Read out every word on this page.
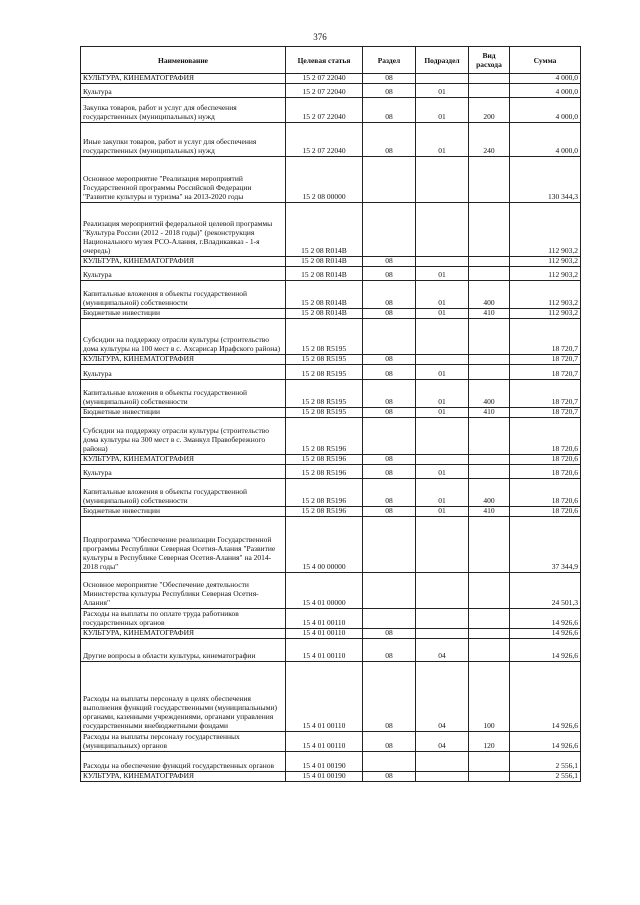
376
Наименование	Целевая статья	Раздел	Подраздел	Вид расхода	Сумма
КУЛЬТУРА, КИНЕМАТОГРАФИЯ	15 2 07 22040	08			4 000,0
Культура	15 2 07 22040	08	01		4 000,0
Закупка товаров, работ и услуг для обеспечения государственных (муниципальных) нужд	15 2 07 22040	08	01	200	4 000,0
Иные закупки товаров, работ и услуг для обеспечения государственных (муниципальных) нужд	15 2 07 22040	08	01	240	4 000,0
Основное мероприятие "Реализация мероприятий Государственной программы Российской Федерации "Развитие культуры и туризма" на 2013-2020 годы	15 2 08 00000				130 344,3
Реализация мероприятий федеральной целевой программы "Культура России (2012 - 2018 годы)" (реконструкция Национального музея РСО-Алания, г.Владикавказ - 1-я очередь)	15 2 08 R014B				112 903,2
КУЛЬТУРА, КИНЕМАТОГРАФИЯ	15 2 08 R014B	08			112 903,2
Культура	15 2 08 R014B	08	01		112 903,2
Капитальные вложения в объекты государственной (муниципальной) собственности	15 2 08 R014B	08	01	400	112 903,2
Бюджетные инвестиции	15 2 08 R014B	08	01	410	112 903,2
Субсидии на поддержку отрасли культуры (строительство дома культуры на 100 мест в с. Ахсарисар Ирафского района)	15 2 08 R5195				18 720,7
КУЛЬТУРА, КИНЕМАТОГРАФИЯ	15 2 08 R5195	08			18 720,7
Культура	15 2 08 R5195	08	01		18 720,7
Капитальные вложения в объекты государственной (муниципальной) собственности	15 2 08 R5195	08	01	400	18 720,7
Бюджетные инвестиции	15 2 08 R5195	08	01	410	18 720,7
Субсидии на поддержку отрасли культуры (строительство дома культуры на 300 мест в с. Зманкул Правобережного района)	15 2 08 R5196				18 720,6
КУЛЬТУРА, КИНЕМАТОГРАФИЯ	15 2 08 R5196	08			18 720,6
Культура	15 2 08 R5196	08	01		18 720,6
Капитальные вложения в объекты государственной (муниципальной) собственности	15 2 08 R5196	08	01	400	18 720,6
Бюджетные инвестиции	15 2 08 R5196	08	01	410	18 720,6
Подпрограмма "Обеспечение реализации Государственной программы Республики Северная Осетия-Алания "Развитие культуры в Республике Северная Осетия-Алания" на 2014-2018 годы"	15 4 00 00000				37 344,9
Основное мероприятие "Обеспечение деятельности Министерства культуры Республики Северная Осетия-Алания"	15 4 01 00000				24 501,3
Расходы на выплаты по оплате труда работников государственных органов	15 4 01 00110				14 926,6
КУЛЬТУРА, КИНЕМАТОГРАФИЯ	15 4 01 00110	08			14 926,6
Другие вопросы в области культуры, кинематографии	15 4 01 00110	08	04		14 926,6
Расходы на выплаты персоналу в целях обеспечения выполнения функций государственными (муниципальными) органами, казенными учреждениями, органами управления государственными внебюджетными фондами	15 4 01 00110	08	04	100	14 926,6
Расходы на выплаты персоналу государственных (муниципальных) органов	15 4 01 00110	08	04	120	14 926,6
Расходы на обеспечение функций государственных органов	15 4 01 00190				2 556,1
КУЛЬТУРА, КИНЕМАТОГРАФИЯ	15 4 01 00190	08			2 556,1
